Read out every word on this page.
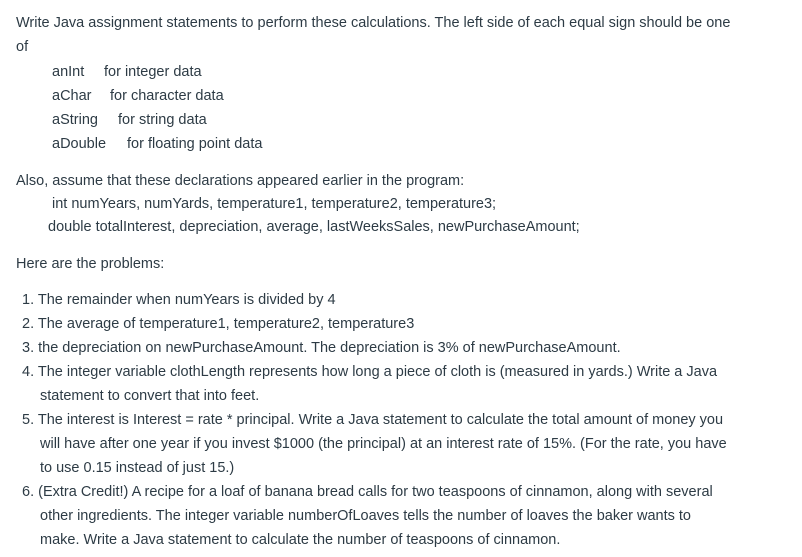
Write Java assignment statements to perform these calculations. The left side of each equal sign should be one
of
anInt for integer data
aChar for character data
aString for string data
aDouble for floating point data
Also, assume that these declarations appeared earlier in the program:
int numYears, numYards, temperature1, temperature2, temperature3;
double totalInterest, depreciation, average, lastWeeksSales, newPurchaseAmount;
Here are the problems:
1. The remainder when numYears is divided by 4
2. The average of temperature1, temperature2, temperature3
3. the depreciation on newPurchaseAmount. The depreciation is 3% of newPurchaseAmount.
4. The integer variable clothLength represents how long a piece of cloth is (measured in yards.) Write a Java
statement to convert that into feet.
5. The interest is Interest = rate * principal. Write a Java statement to calculate the total amount of money you
will have after one year if you invest $1000 (the principal) at an interest rate of 15%. (For the rate, you have
to use 0.15 instead of just 15.)
6. (Extra Credit!) A recipe for a loaf of banana bread calls for two teaspoons of cinnamon, along with several
other ingredients. The integer variable numberOfLoaves tells the number of loaves the baker wants to
make. Write a Java statement to calculate the number of teaspoons of cinnamon.
